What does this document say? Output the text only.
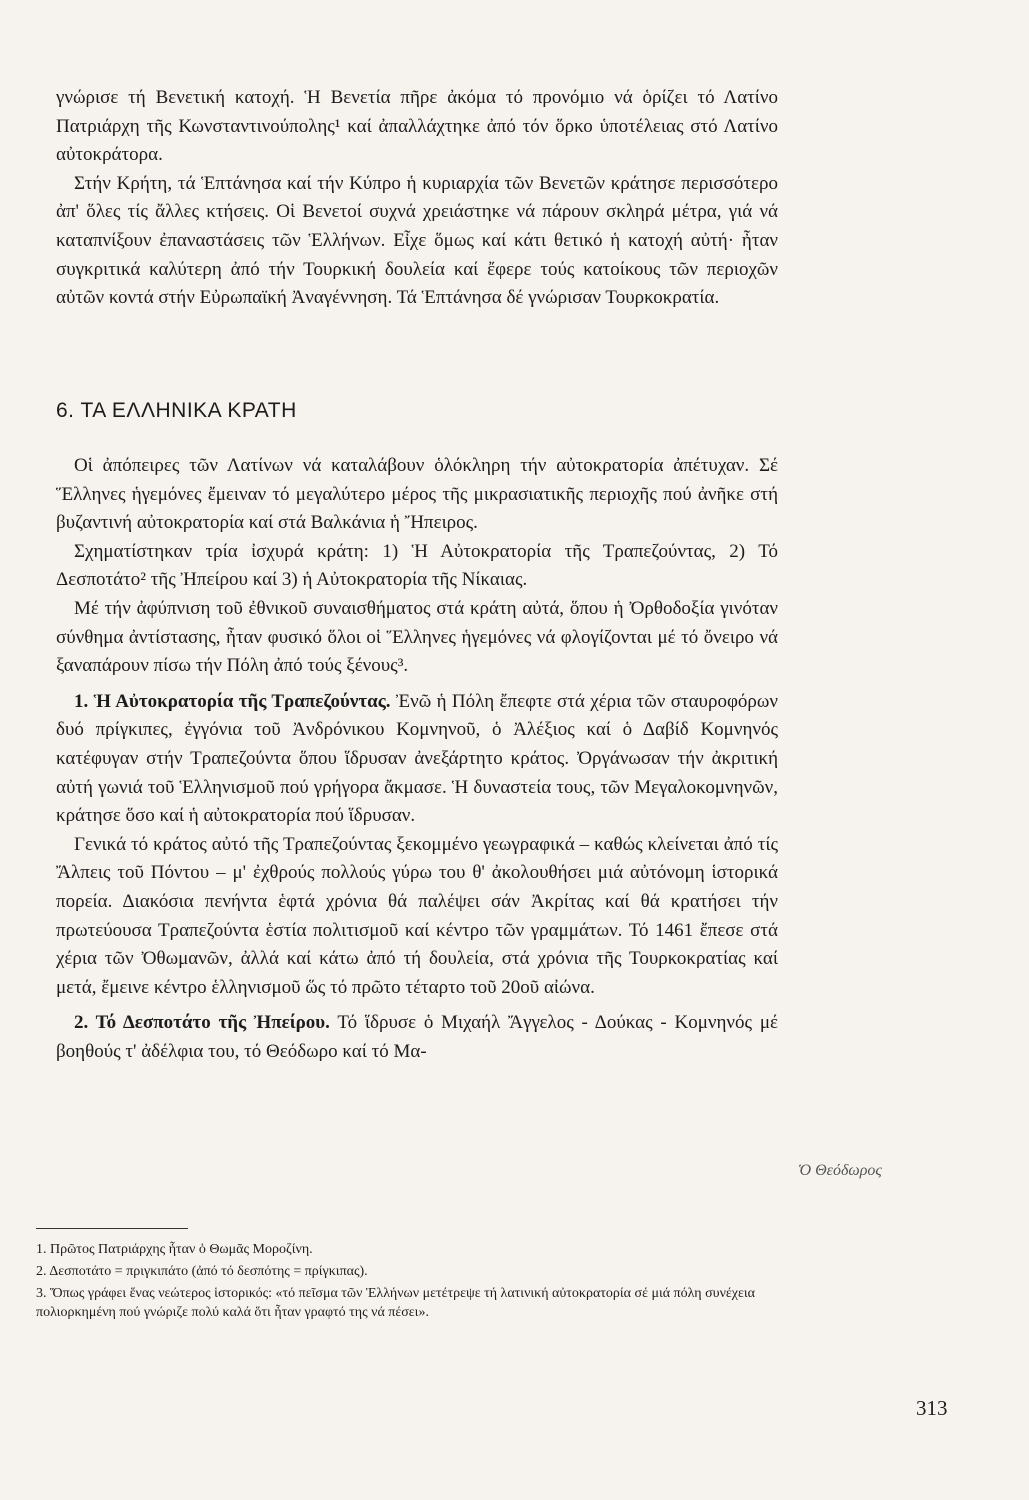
γνώρισε τή Βενετική κατοχή. Ἡ Βενετία πῆρε ἀκόμα τό προνόμιο νά ὁρίζει τό Λατίνο Πατριάρχη τῆς Κωνσταντινούπολης¹ καί ἀπαλλάχτηκε ἀπό τόν ὅρκο ὑποτέλειας στό Λατίνο αὐτοκράτορα.

Στήν Κρήτη, τά Ἑπτάνησα καί τήν Κύπρο ἡ κυριαρχία τῶν Βενετῶν κράτησε περισσότερο ἀπ' ὅλες τίς ἄλλες κτήσεις. Οἱ Βενετοί συχνά χρειάστηκε νά πάρουν σκληρά μέτρα, γιά νά καταπνίξουν ἐπαναστάσεις τῶν Ἑλλήνων. Εἶχε ὅμως καί κάτι θετικό ἡ κατοχή αὐτή· ἦταν συγκριτικά καλύτερη ἀπό τήν Τουρκική δουλεία καί ἔφερε τούς κατοίκους τῶν περιοχῶν αὐτῶν κοντά στήν Εὐρωπαϊκή Ἀναγέννηση. Τά Ἑπτάνησα δέ γνώρισαν Τουρκοκρατία.

6. ΤΑ ΕΛΛΗΝΙΚΑ ΚΡΑΤΗ

Οἱ ἀπόπειρες τῶν Λατίνων νά καταλάβουν ὁλόκληρη τήν αὐτοκρατορία ἀπέτυχαν. Σέ Ἕλληνες ἡγεμόνες ἔμειναν τό μεγαλύτερο μέρος τῆς μικρασιατικῆς περιοχῆς πού ἀνῆκε στή βυζαντινή αὐτοκρατορία καί στά Βαλκάνια ἡ Ἤπειρος.

Σχηματίστηκαν τρία ἰσχυρά κράτη: 1) Ἡ Αὐτοκρατορία τῆς Τραπεζούντας, 2) Τό Δεσποτάτο² τῆς Ἠπείρου καί 3) ἡ Αὐτοκρατορία τῆς Νίκαιας.

Μέ τήν ἀφύπνιση τοῦ ἐθνικοῦ συναισθήματος στά κράτη αὐτά, ὅπου ἡ Ὀρθοδοξία γινόταν σύνθημα ἀντίστασης, ἦταν φυσικό ὅλοι οἱ Ἕλληνες ἡγεμόνες νά φλογίζονται μέ τό ὄνειρο νά ξαναπάρουν πίσω τήν Πόλη ἀπό τούς ξένους³.

1. Ἡ Αὐτοκρατορία τῆς Τραπεζούντας. Ἐνῶ ἡ Πόλη ἔπεφτε στά χέρια τῶν σταυροφόρων δυό πρίγκιπες, ἐγγόνια τοῦ Ἀνδρόνικου Κομνηνοῦ, ὁ Ἀλέξιος καί ὁ Δαβίδ Κομνηνός κατέφυγαν στήν Τραπεζούντα ὅπου ἵδρυσαν ἀνεξάρτητο κράτος. Ὀργάνωσαν τήν ἀκριτική αὐτή γωνιά τοῦ Ἑλληνισμοῦ πού γρήγορα ἄκμασε. Ἡ δυναστεία τους, τῶν Μεγαλοκομνηνῶν, κράτησε ὅσο καί ἡ αὐτοκρατορία πού ἵδρυσαν.

Γενικά τό κράτος αὐτό τῆς Τραπεζούντας ξεκομμένο γεωγραφικά – καθώς κλείνεται ἀπό τίς Ἄλπεις τοῦ Πόντου – μ' ἐχθρούς πολλούς γύρω του θ' ἀκολουθήσει μιά αὐτόνομη ἱστορικά πορεία. Διακόσια πενήντα ἑφτά χρόνια θά παλέψει σάν Ἀκρίτας καί θά κρατήσει τήν πρωτεύουσα Τραπεζούντα ἑστία πολιτισμοῦ καί κέντρο τῶν γραμμάτων. Τό 1461 ἔπεσε στά χέρια τῶν Ὀθωμανῶν, ἀλλά καί κάτω ἀπό τή δουλεία, στά χρόνια τῆς Τουρκοκρατίας καί μετά, ἔμεινε κέντρο ἑλληνισμοῦ ὥς τό πρῶτο τέταρτο τοῦ 20οῦ αἰώνα.

2. Τό Δεσποτάτο τῆς Ἠπείρου. Τό ἵδρυσε ὁ Μιχαήλ Ἄγγελος - Δούκας - Κομνηνός μέ βοηθούς τ' ἀδέλφια του, τό Θεόδωρο καί τό Μα-

Ὁ Θεόδωρος

1. Πρῶτος Πατριάρχης ἦταν ὁ Θωμᾶς Μοροζίνη.

2. Δεσποτάτο = πριγκιπάτο (ἀπό τό δεσπότης = πρίγκιπας).

3. Ὅπως γράφει ἕνας νεώτερος ἱστορικός: «τό πεῖσμα τῶν Ἑλλήνων μετέτρεψε τή λατινική αὐτοκρατορία σέ μιά πόλη συνέχεια πολιορκημένη πού γνώριζε πολύ καλά ὅτι ἦταν γραφτό της νά πέσει».

313
